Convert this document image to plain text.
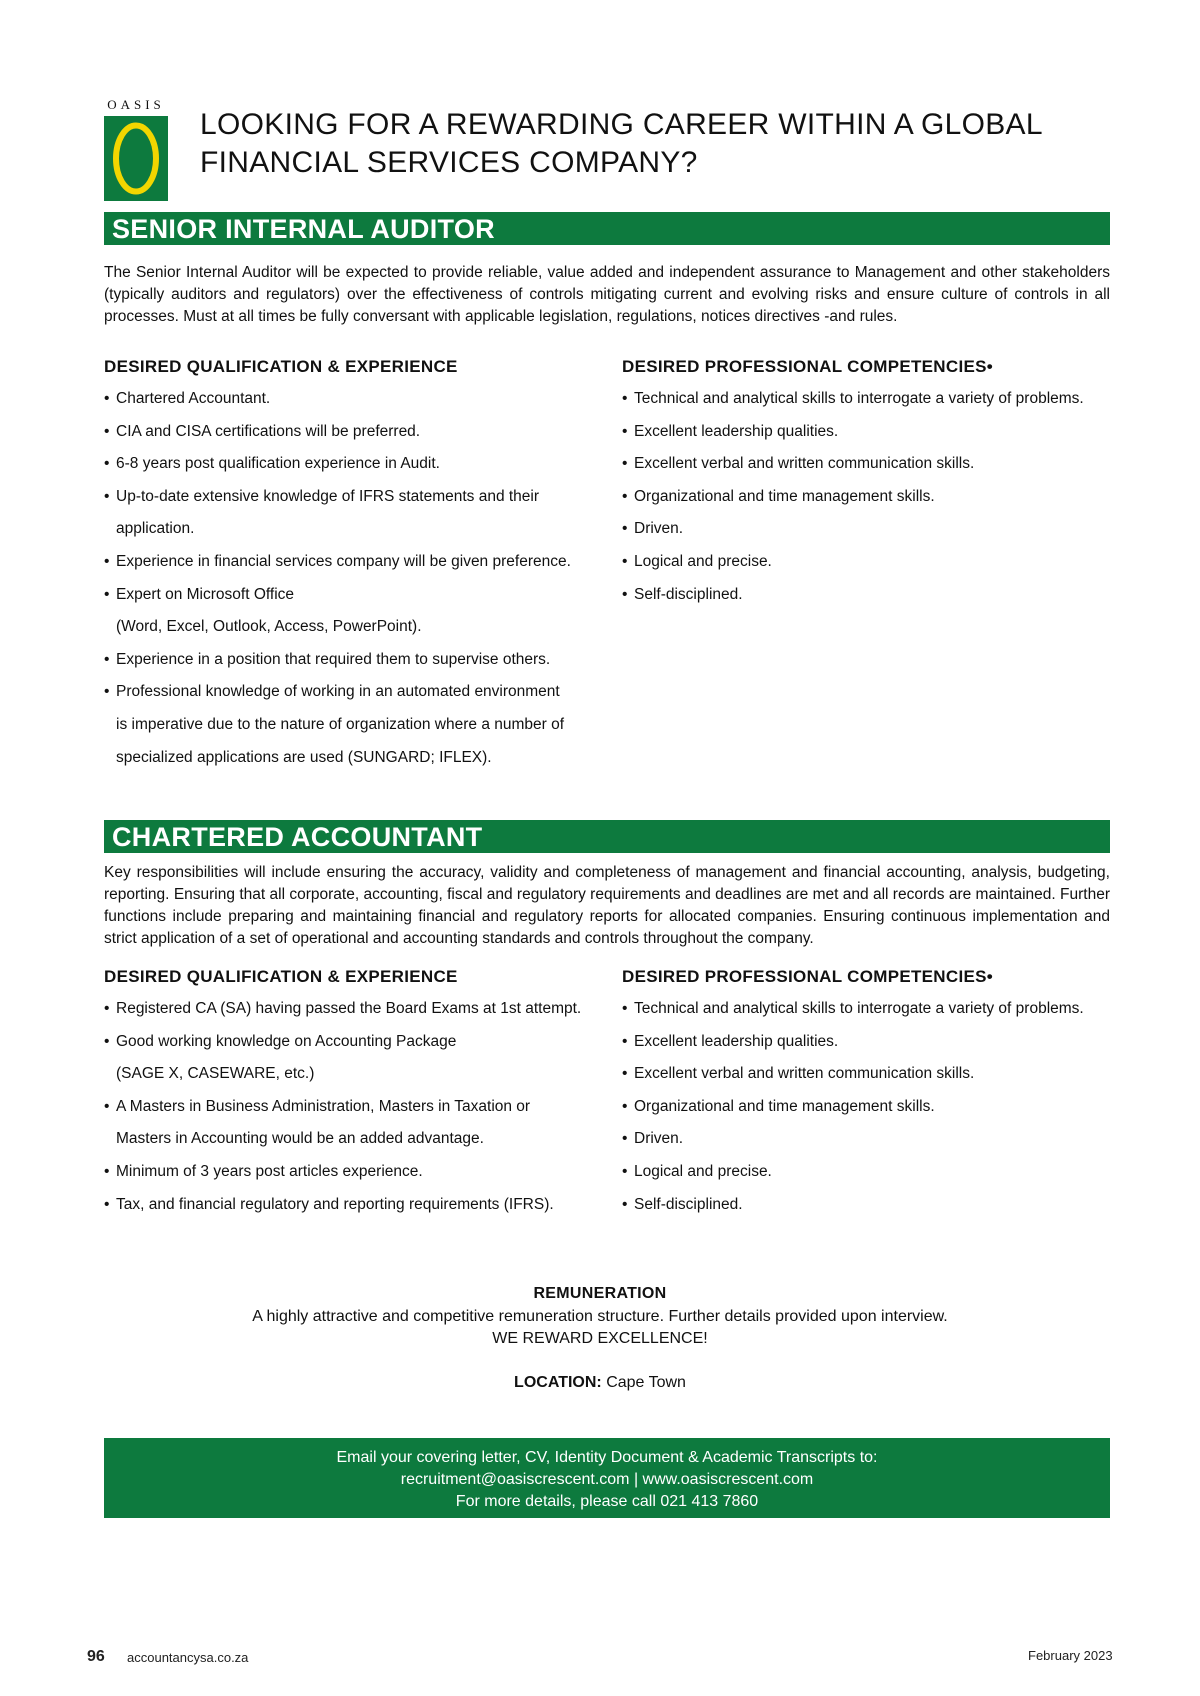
OASIS
LOOKING FOR A REWARDING CAREER WITHIN A GLOBAL
FINANCIAL SERVICES COMPANY?
SENIOR INTERNAL AUDITOR
The Senior Internal Auditor will be expected to provide reliable, value added and independent assurance to Management and other stakeholders (typically auditors and regulators) over the effectiveness of controls mitigating current and evolving risks and ensure culture of controls in all processes. Must at all times be fully conversant with applicable legislation, regulations, notices directives -and rules.
DESIRED QUALIFICATION & EXPERIENCE	DESIRED PROFESSIONAL COMPETENCIES•
• Chartered Accountant.
• CIA and CISA certifications will be preferred.
• 6-8 years post qualification experience in Audit.
• Up-to-date extensive knowledge of IFRS statements and their
application.
• Experience in financial services company will be given preference.
• Expert on Microsoft Office
(Word, Excel, Outlook, Access, PowerPoint).
• Experience in a position that required them to supervise others.
• Professional knowledge of working in an automated environment
is imperative due to the nature of organization where a number of
specialized applications are used (SUNGARD; IFLEX).
• Technical and analytical skills to interrogate a variety of problems.
• Excellent leadership qualities.
• Excellent verbal and written communication skills.
• Organizational and time management skills.
• Driven.
• Logical and precise.
• Self-disciplined.
CHARTERED ACCOUNTANT
Key responsibilities will include ensuring the accuracy, validity and completeness of management and financial accounting, analysis, budgeting, reporting. Ensuring that all corporate, accounting, fiscal and regulatory requirements and deadlines are met and all records are maintained. Further functions include preparing and maintaining financial and regulatory reports for allocated companies. Ensuring continuous implementation and strict application of a set of operational and accounting standards and controls throughout the company.
DESIRED QUALIFICATION & EXPERIENCE	DESIRED PROFESSIONAL COMPETENCIES•
• Registered CA (SA) having passed the Board Exams at 1st attempt.
• Good working knowledge on Accounting Package
(SAGE X, CASEWARE, etc.)
• A Masters in Business Administration, Masters in Taxation or
Masters in Accounting would be an added advantage.
• Minimum of 3 years post articles experience.
• Tax, and financial regulatory and reporting requirements (IFRS).
• Technical and analytical skills to interrogate a variety of problems.
• Excellent leadership qualities.
• Excellent verbal and written communication skills.
• Organizational and time management skills.
• Driven.
• Logical and precise.
• Self-disciplined.
REMUNERATION
A highly attractive and competitive remuneration structure. Further details provided upon interview.
WE REWARD EXCELLENCE!
LOCATION: Cape Town
Email your covering letter, CV, Identity Document & Academic Transcripts to:
recruitment@oasiscrescent.com | www.oasiscrescent.com
For more details, please call 021 413 7860
96 accountancysa.co.za	February 2023
